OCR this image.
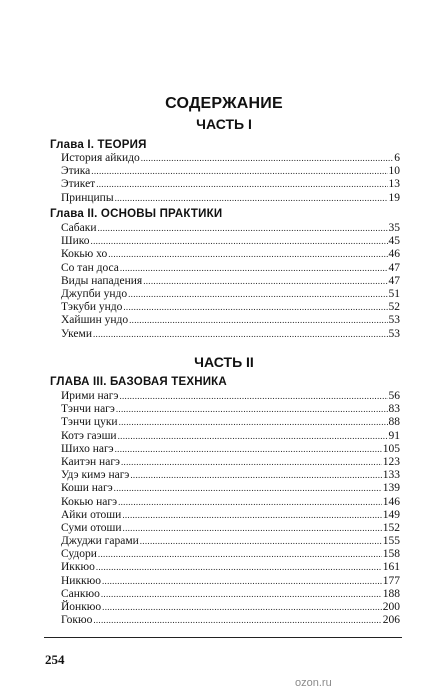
СОДЕРЖАНИЕ
ЧАСТЬ I
Глава I. ТЕОРИЯ
История айкидо .....	6
Этика .....	10
Этикет .....	13
Принципы .....	19
Глава II. ОСНОВЫ ПРАКТИКИ
Сабаки .....	35
Шико .....	45
Кокью хо .....	46
Со тан доса .....	47
Виды нападения .....	47
Джупби ундо .....	51
Тэкуби ундо .....	52
Хайшин ундо .....	53
Укеми .....	53
ЧАСТЬ II
ГЛАВА III. БАЗОВАЯ ТЕХНИКА
Ирими нагэ .....	56
Тэнчи нагэ .....	83
Тэнчи цуки .....	88
Котэ гаэши .....	91
Шихо нагэ .....	105
Каитэн нагэ .....	123
Удэ кимэ нагэ .....	133
Коши нагэ .....	139
Кокью нагэ .....	146
Айки отоши .....	149
Суми отоши .....	152
Джуджи гарами .....	155
Судори .....	158
Иккюо .....	161
Никкюо .....	177
Санкюо .....	188
Йонкюо .....	200
Гокюо .....	206
254
ozon.ru
